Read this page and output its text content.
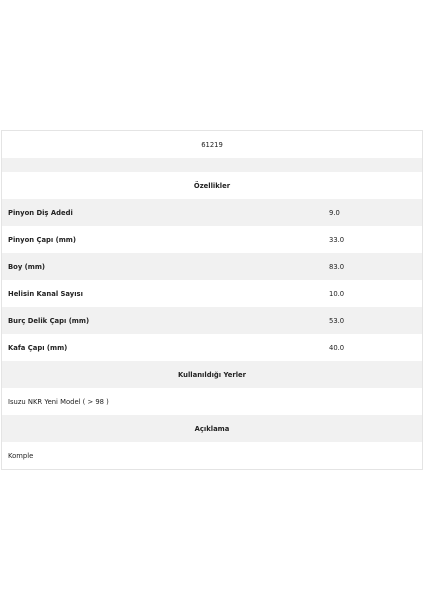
61219
Özellikler
Pinyon Diş Adedi	9.0
Pinyon Çapı (mm)	33.0
Boy (mm)	83.0
Helisin Kanal Sayısı	10.0
Burç Delik Çapı (mm)	53.0
Kafa Çapı (mm)	40.0
Kullanıldığı Yerler
Isuzu NKR Yeni Model ( > 98 )
Açıklama
Komple
